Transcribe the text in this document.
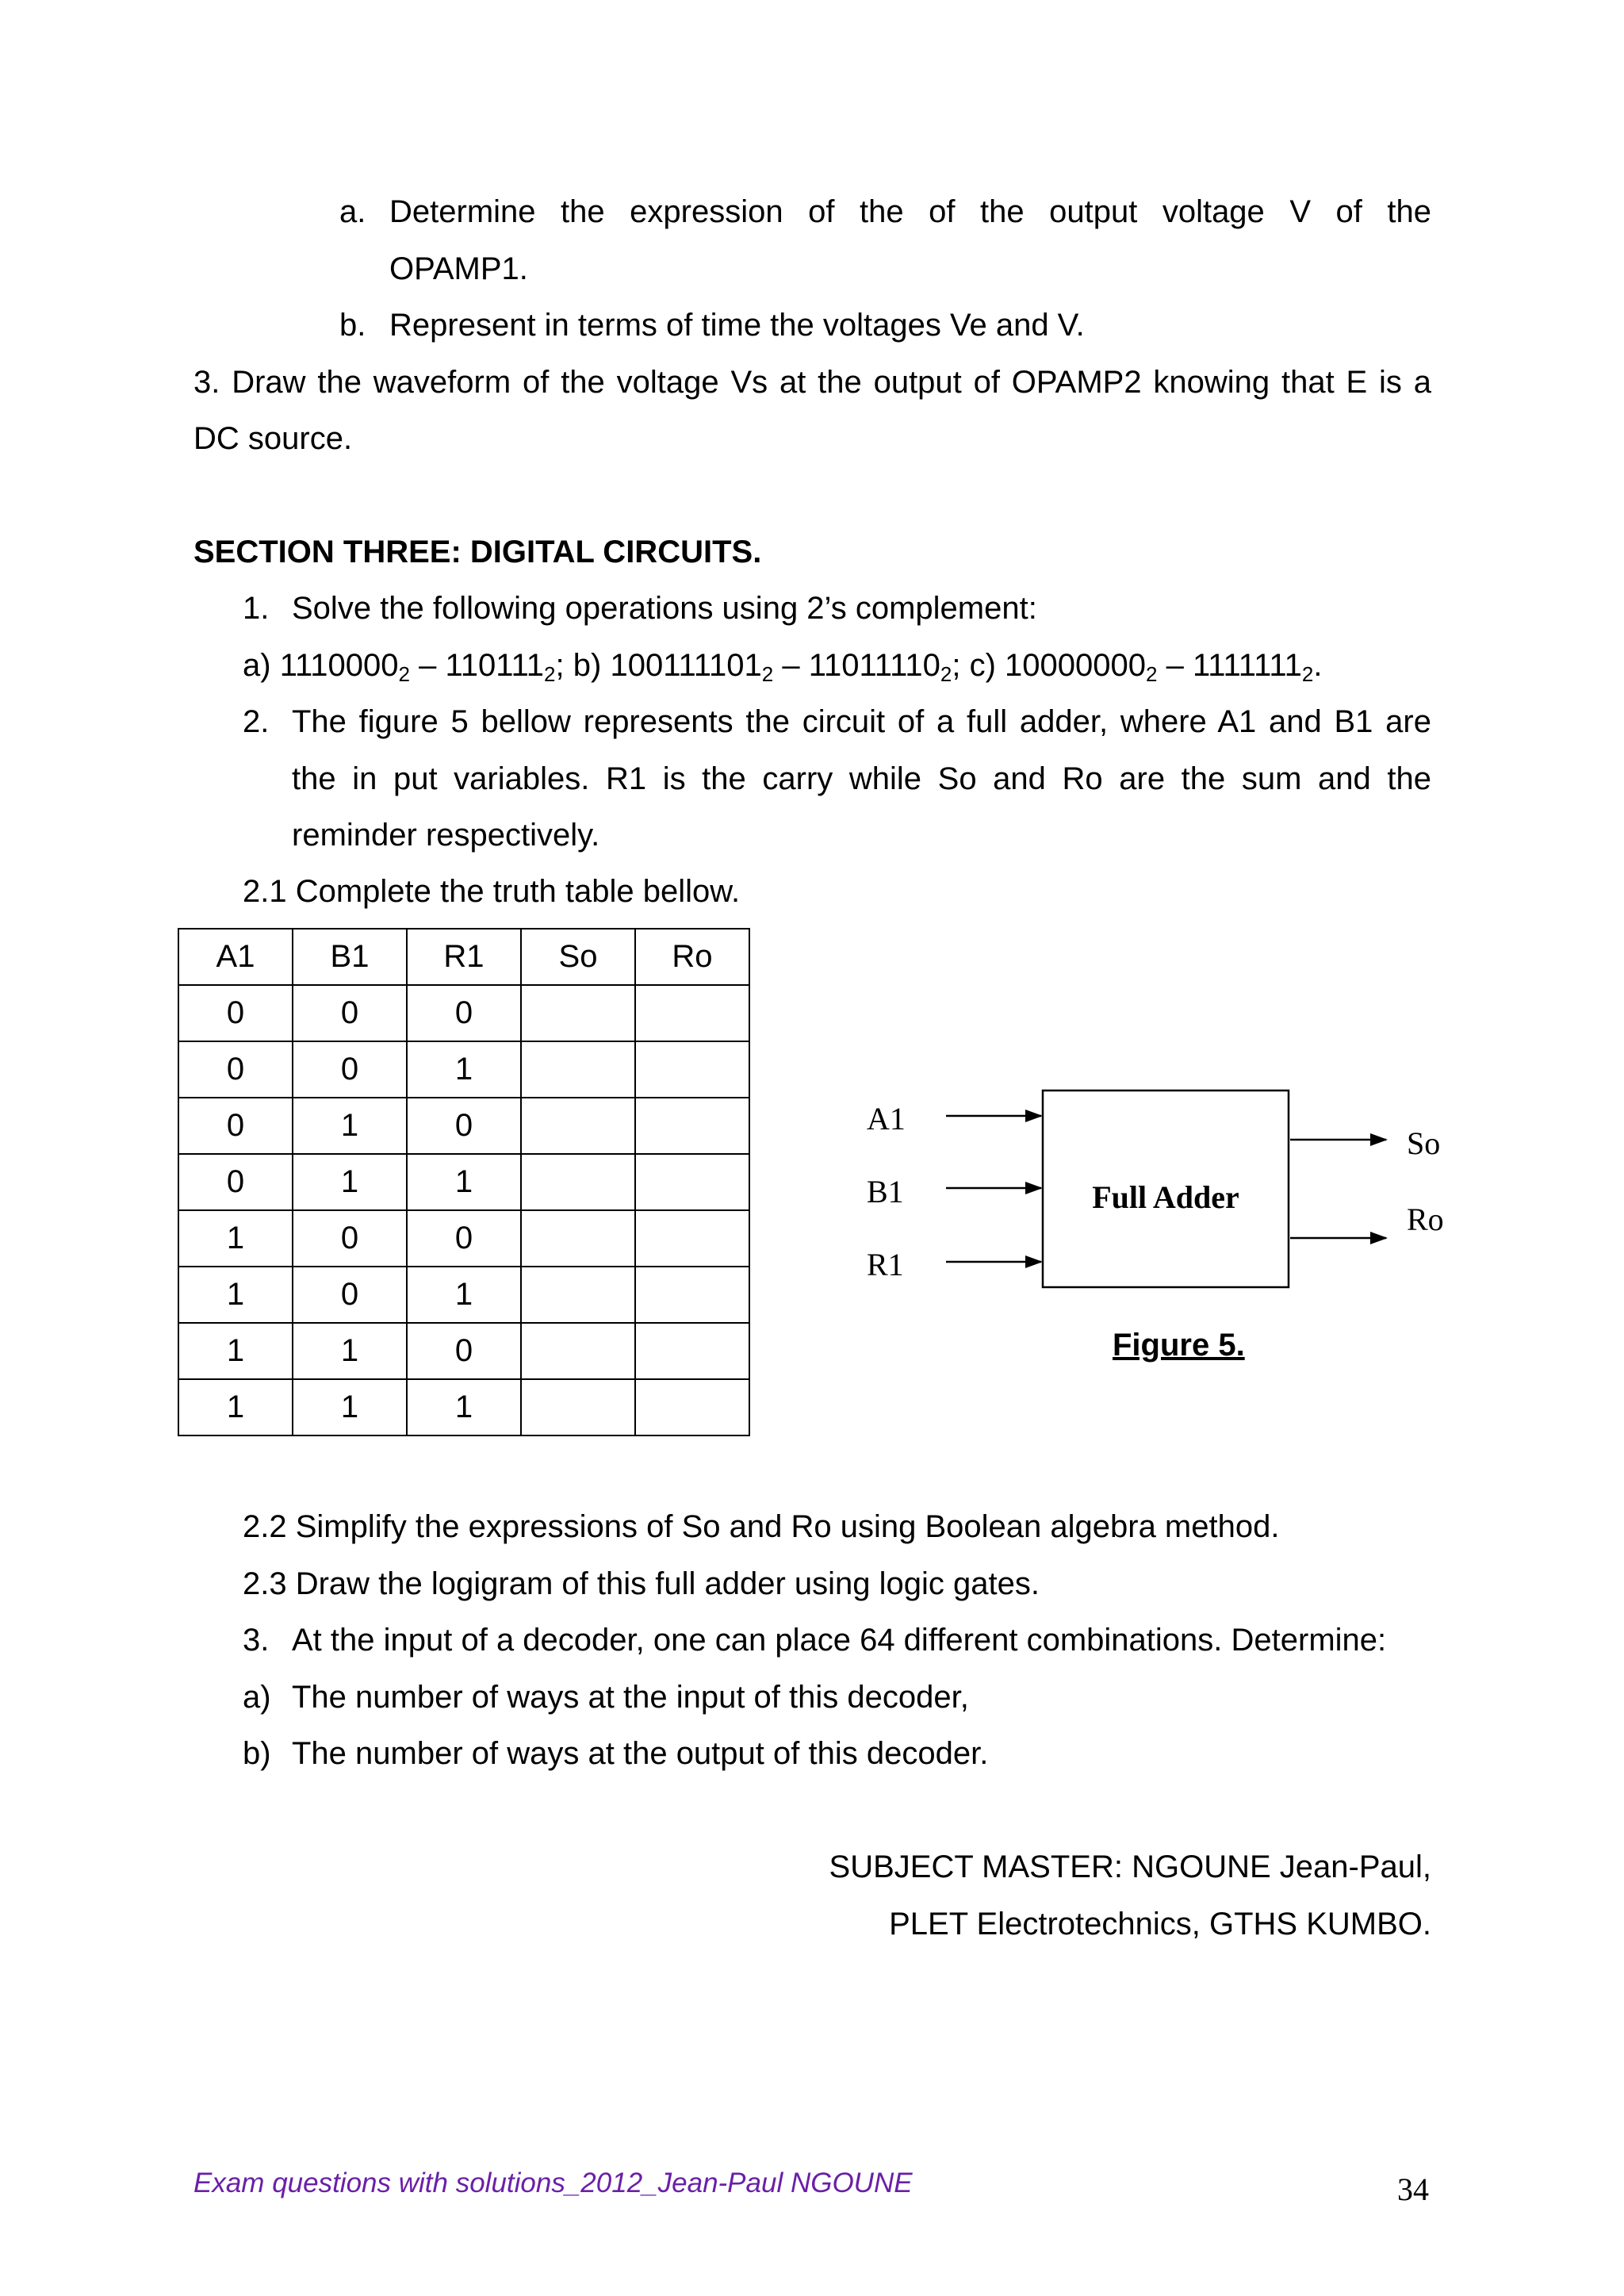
a. Determine the expression of the of the output voltage V of the
OPAMP1.
b. Represent in terms of time the voltages Ve and V.
3. Draw the waveform of the voltage Vs at the output of OPAMP2 knowing that E is a
DC source.
SECTION THREE: DIGITAL CIRCUITS.
1. Solve the following operations using 2’s complement:
a) $1110000_2 - 110111_2$; b) $100111101_2 - 11011110_2$; c) $10000000_2 - 1111111_2$.
2. The figure 5 bellow represents the circuit of a full adder, where A1 and B1 are
the in put variables. R1 is the carry while So and Ro are the sum and the
reminder respectively.
2.1 Complete the truth table bellow.
A1	B1	R1	So	Ro
0	0	0		
0	0	1		
0	1	0		
0	1	1		
1	0	0		
1	0	1		
1	1	0		
1	1	1		
A1
B1
R1
Full Adder
So
Ro
Figure 5.
2.2 Simplify the expressions of So and Ro using Boolean algebra method.
2.3 Draw the logigram of this full adder using logic gates.
3. At the input of a decoder, one can place 64 different combinations. Determine:
a) The number of ways at the input of this decoder,
b) The number of ways at the output of this decoder.
SUBJECT MASTER: NGOUNE Jean-Paul,
PLET Electrotechnics, GTHS KUMBO.
Exam questions with solutions_2012_Jean-Paul NGOUNE	34
